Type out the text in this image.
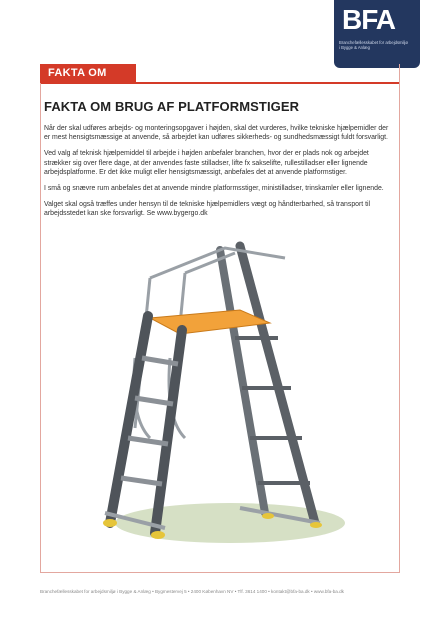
BFA
Branchefællesskabet for arbejdsmiljø
i Bygge & Anlæg
FAKTA OM
FAKTA OM BRUG AF PLATFORMSTIGER

Når der skal udføres arbejds- og monteringsopgaver i højden, skal det vurderes, hvilke tekniske hjælpemidler der er mest hensigtsmæssige at anvende, så arbejdet kan udføres sikkerheds- og sundhedsmæssigt fuldt forsvarligt.

Ved valg af teknisk hjælpemiddel til arbejde i højden anbefaler branchen, hvor der er plads nok og arbejdet strækker sig over flere dage, at der anvendes faste stilladser, lifte fx sakselifte, rullestilladser eller lignende arbejdsplatforme. Er det ikke muligt eller hensigtsmæssigt, anbefales det at anvende platformstiger.

I små og snævre rum anbefales det at anvende mindre platformsstiger, ministilladser, trinskamler eller lignende.

Valget skal også træffes under hensyn til de tekniske hjælpemidlers vægt og håndterbarhed, så transport til arbejdsstedet kan ske forsvarligt. Se www.bygergo.dk

Branchefællesskabet for arbejdsmiljø i Bygge & Anlæg • Bygmestervej 5 • 2400 København NV • Tlf. 3614 1400 • kontakt@bfa-ba.dk • www.bfa-ba.dk
